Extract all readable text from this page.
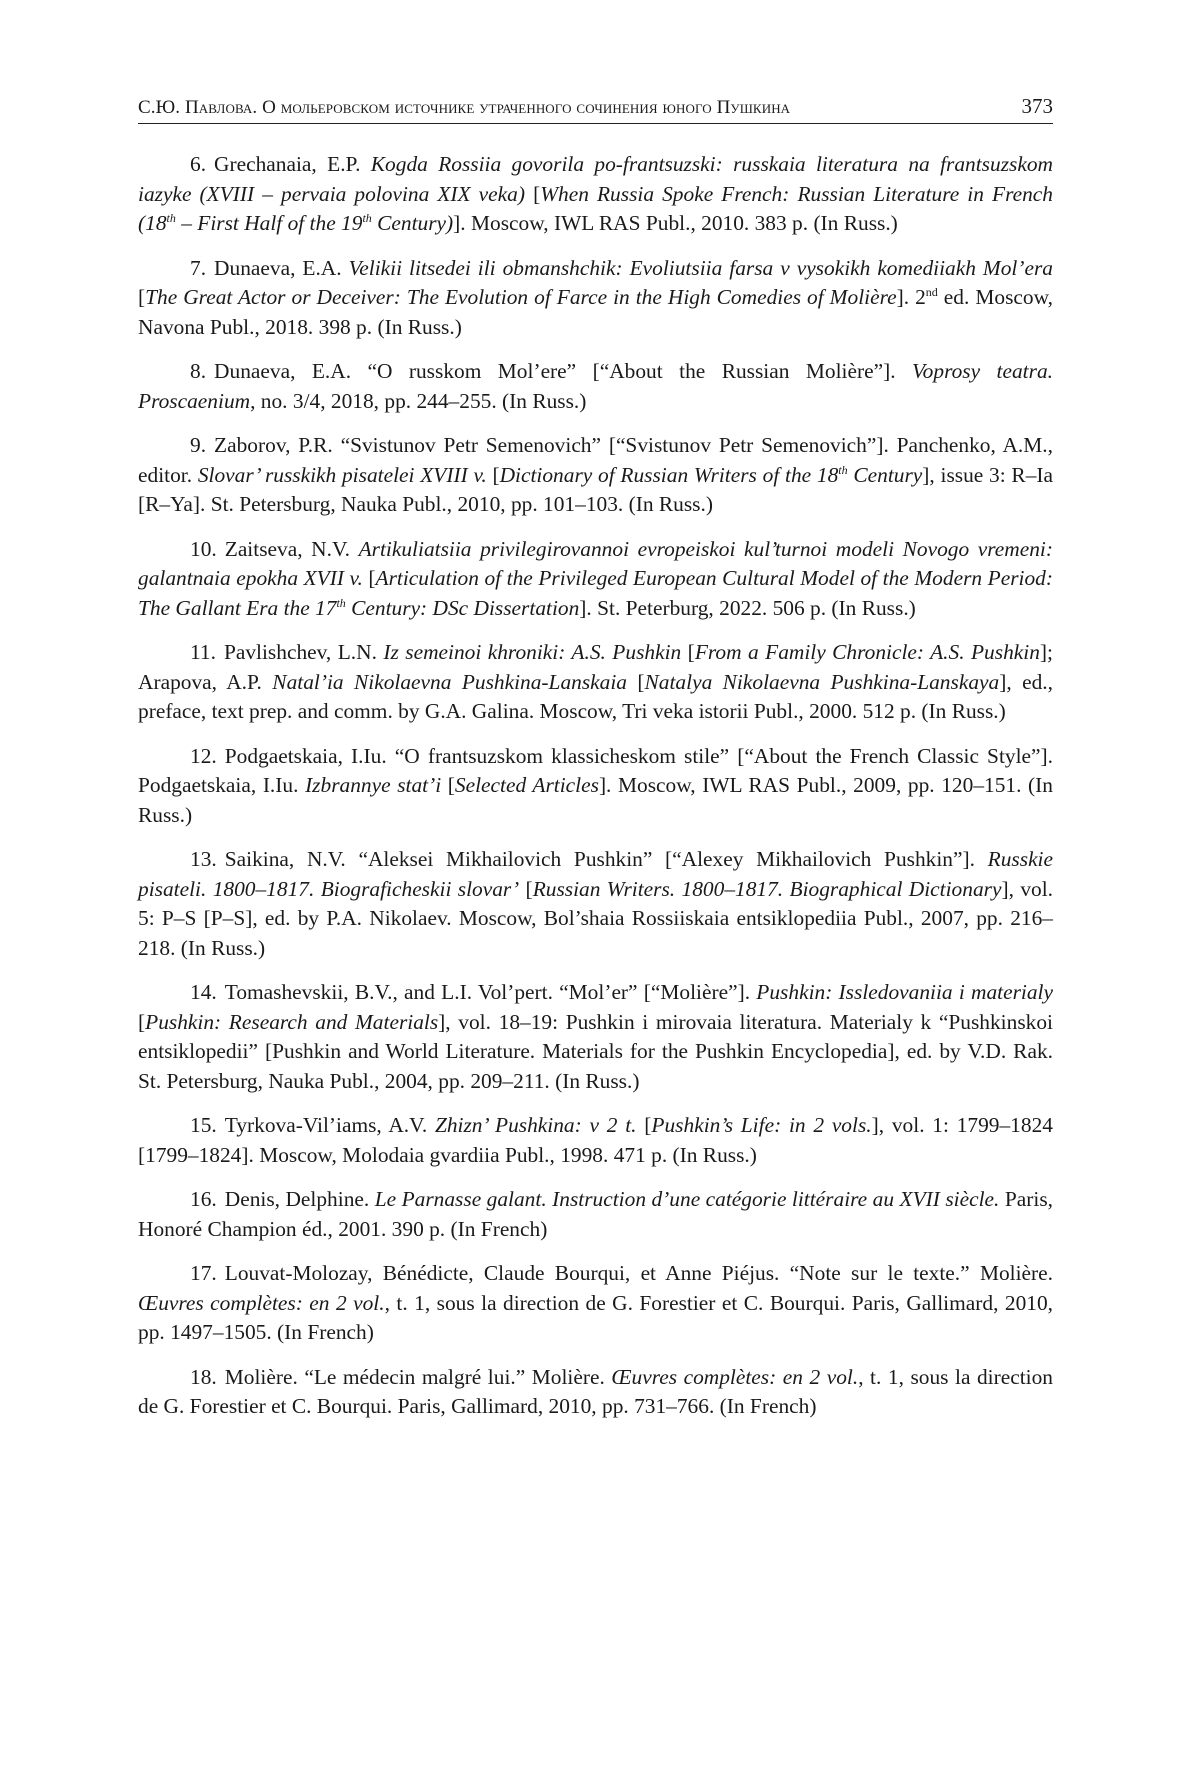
С.Ю. Павлова. О мольеровском источнике утраченного сочинения юного Пушкина	373

6. Grechanaia, E.P. Kogda Rossiia govorila po-frantsuzski: russkaia literatura na frantsuzskom iazyke (XVIII – pervaia polovina XIX veka) [When Russia Spoke French: Russian Literature in French (18th – First Half of the 19th Century)]. Moscow, IWL RAS Publ., 2010. 383 p. (In Russ.)

7. Dunaeva, E.A. Velikii litsedei ili obmanshchik: Evoliutsiia farsa v vysokikh komediiakh Mol’era [The Great Actor or Deceiver: The Evolution of Farce in the High Comedies of Molière]. 2nd ed. Moscow, Navona Publ., 2018. 398 p. (In Russ.)

8. Dunaeva, E.A. “O russkom Mol’ere” [“About the Russian Molière”]. Voprosy teatra. Proscaenium, no. 3/4, 2018, pp. 244–255. (In Russ.)

9. Zaborov, P.R. “Svistunov Petr Semenovich” [“Svistunov Petr Semenovich”]. Panchenko, A.M., editor. Slovar’ russkikh pisatelei XVIII v. [Dictionary of Russian Writers of the 18th Century], issue 3: R–Ia [R–Ya]. St. Petersburg, Nauka Publ., 2010, pp. 101–103. (In Russ.)

10. Zaitseva, N.V. Artikuliatsiia privilegirovannoi evropeiskoi kul’turnoi modeli Novogo vremeni: galantnaia epokha XVII v. [Articulation of the Privileged European Cultural Model of the Modern Period: The Gallant Era the 17th Century: DSc Dissertation]. St. Peterburg, 2022. 506 p. (In Russ.)

11. Pavlishchev, L.N. Iz semeinoi khroniki: A.S. Pushkin [From a Family Chronicle: A.S. Pushkin]; Arapova, A.P. Natal’ia Nikolaevna Pushkina-Lanskaia [Natalya Nikolaevna Pushkina-Lanskaya], ed., preface, text prep. and comm. by G.A. Galina. Moscow, Tri veka istorii Publ., 2000. 512 p. (In Russ.)

12. Podgaetskaia, I.Iu. “O frantsuzskom klassicheskom stile” [“About the French Classic Style”]. Podgaetskaia, I.Iu. Izbrannye stat’i [Selected Articles]. Moscow, IWL RAS Publ., 2009, pp. 120–151. (In Russ.)

13. Saikina, N.V. “Aleksei Mikhailovich Pushkin” [“Alexey Mikhailovich Pushkin”]. Russkie pisateli. 1800–1817. Biograficheskii slovar’ [Russian Writers. 1800–1817. Biographical Dictionary], vol. 5: P–S [P–S], ed. by P.A. Nikolaev. Moscow, Bol’shaia Rossiiskaia entsiklopediia Publ., 2007, pp. 216–218. (In Russ.)

14. Tomashevskii, B.V., and L.I. Vol’pert. “Mol’er” [“Molière”]. Pushkin: Issledovaniia i materialy [Pushkin: Research and Materials], vol. 18–19: Pushkin i mirovaia literatura. Materialy k “Pushkinskoi entsiklopedii” [Pushkin and World Literature. Materials for the Pushkin Encyclopedia], ed. by V.D. Rak. St. Petersburg, Nauka Publ., 2004, pp. 209–211. (In Russ.)

15. Tyrkova-Vil’iams, A.V. Zhizn’ Pushkina: v 2 t. [Pushkin’s Life: in 2 vols.], vol. 1: 1799–1824 [1799–1824]. Moscow, Molodaia gvardiia Publ., 1998. 471 p. (In Russ.)

16. Denis, Delphine. Le Parnasse galant. Instruction d’une catégorie littéraire au XVII siècle. Paris, Honoré Champion éd., 2001. 390 p. (In French)

17. Louvat-Molozay, Bénédicte, Claude Bourqui, et Anne Piéjus. “Note sur le texte.” Molière. Œuvres complètes: en 2 vol., t. 1, sous la direction de G. Forestier et C. Bourqui. Paris, Gallimard, 2010, pp. 1497–1505. (In French)

18. Molière. “Le médecin malgré lui.” Molière. Œuvres complètes: en 2 vol., t. 1, sous la direction de G. Forestier et C. Bourqui. Paris, Gallimard, 2010, pp. 731–766. (In French)
